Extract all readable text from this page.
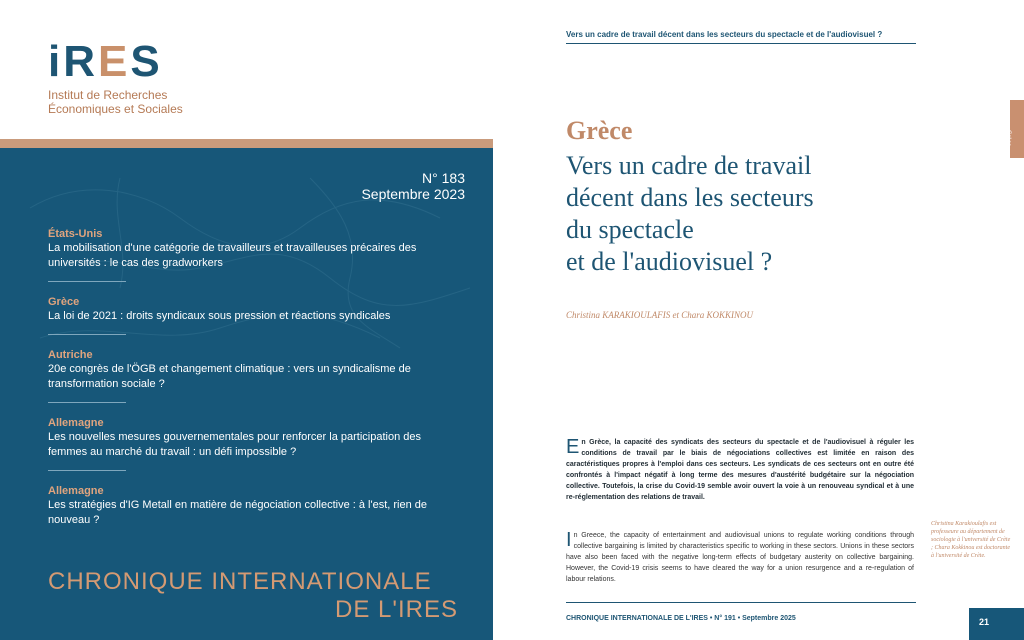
iRES
Institut de Recherches
Économiques et Sociales
N° 183
Septembre 2023
États-Unis
La mobilisation d'une catégorie de travailleurs et travailleuses précaires des universités : le cas des gradworkers
Grèce
La loi de 2021 : droits syndicaux sous pression et réactions syndicales
Autriche
20e congrès de l'ÖGB et changement climatique : vers un syndicalisme de transformation sociale ?
Allemagne
Les nouvelles mesures gouvernementales pour renforcer la participation des femmes au marché du travail : un défi impossible ?
Allemagne
Les stratégies d'IG Metall en matière de négociation collective : à l'est, rien de nouveau ?
CHRONIQUE INTERNATIONALE
DE L'IRES
Vers un cadre de travail décent dans les secteurs du spectacle et de l'audiovisuel ?
Grèce
Grèce
Vers un cadre de travail
décent dans les secteurs
du spectacle
et de l'audiovisuel ?
Christina KARAKIOULAFIS et Chara KOKKINOU
En Grèce, la capacité des syndicats des secteurs du spectacle et de l'audiovisuel à réguler les conditions de travail par le biais de négociations collectives est limitée en raison des caractéristiques propres à l'emploi dans ces secteurs. Les syndicats de ces secteurs ont en outre été confrontés à l'impact négatif à long terme des mesures d'austérité budgétaire sur la négociation collective. Toutefois, la crise du Covid-19 semble avoir ouvert la voie à un renouveau syndical et à une re-réglementation des relations de travail.
In Greece, the capacity of entertainment and audiovisual unions to regulate working conditions through collective bargaining is limited by characteristics specific to working in these sectors. Unions in these sectors have also been faced with the negative long-term effects of budgetary austerity on collective bargaining. However, the Covid-19 crisis seems to have cleared the way for a union resurgence and a re-regulation of labour relations.
Christina Karakioulafis est professeure au département de sociologie à l'université de Crète ; Chara Kokkinou est doctorante à l'université de Crète.
CHRONIQUE INTERNATIONALE DE L'IRES • N° 191 • Septembre 2025	21
